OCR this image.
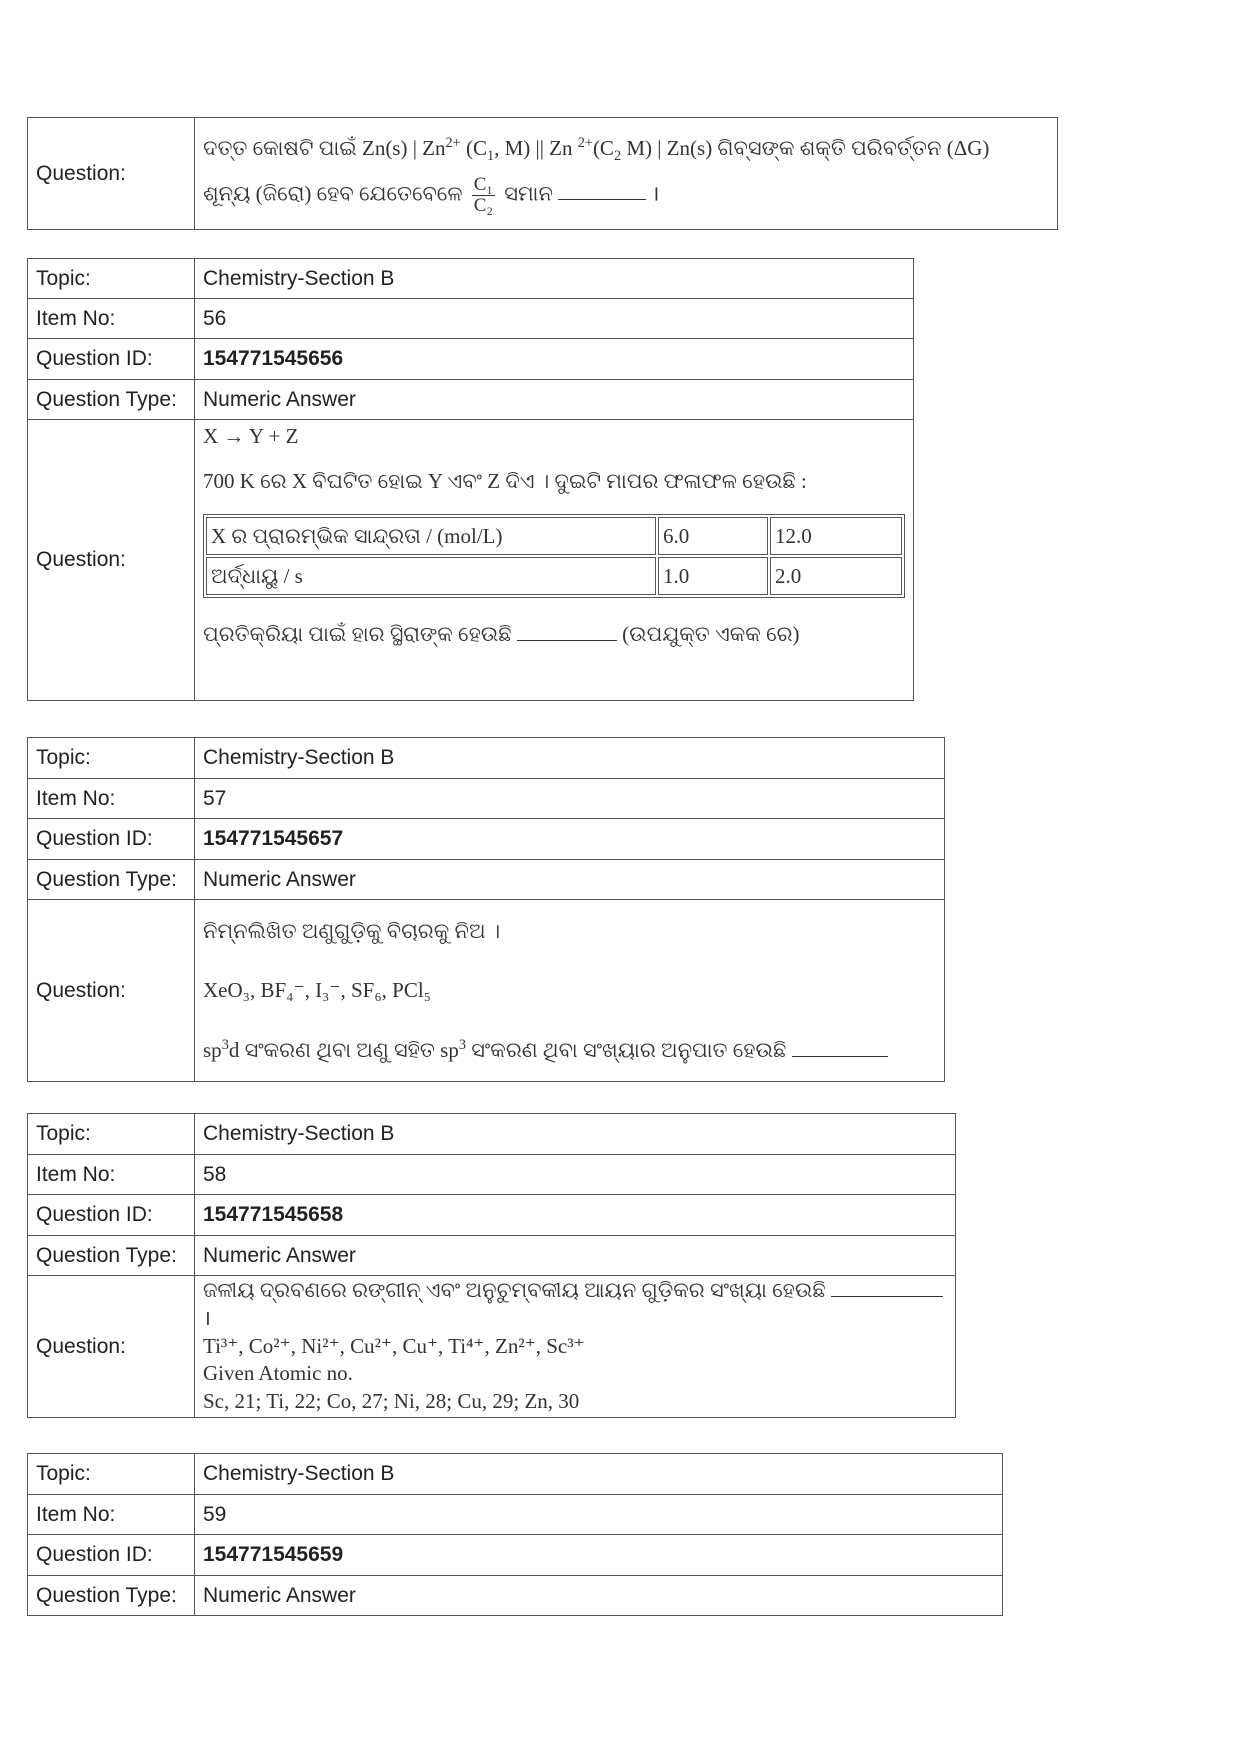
Question:	
ଦତ୍ତ କୋଷଟି ପାଇଁ Zn(s) | $Zn^{2+}$ ($C_1$, M) || Zn $^{2+}(C_2$ M) | Zn(s) ଗିବ୍ସଙ୍କ ଶକ୍ତି ପରିବର୍ତ୍ତନ (ΔG)
ଶୂନ୍ୟ (ଜିରୋ) ହେବ ଯେତେବେଳେ $\frac{\text{C₁}}{\text{C₂}}$ ସମାନ	।
Topic:	Chemistry-Section B
Item No:	56
Question ID:	154771545656
Question Type:	Numeric Answer
Question:	
X → Y + Z
700 K ରେ X ବିଘଟିତ ହୋଇ Y ଏବଂ Z ଦିଏ । ଦୁଇଟି ମାପର ଫଳାଫଳ ହେଉଛି :
X ର ପ୍ରାରମ୍ଭିକ ସାନ୍ଦ୍ରତା / (mol/L)	6.0	12.0
ଅର୍ଦ୍ଧାୟୁ / s	1.0	2.0
ପ୍ରତିକ୍ରିୟା ପାଇଁ ହାର ସ୍ଥିରାଙ୍କ ହେଉଛି	(ଉପଯୁକ୍ତ ଏକକ ରେ)
Topic:	Chemistry-Section B
Item No:	57
Question ID:	154771545657
Question Type:	Numeric Answer
Question:	ନିମ୍ନଲିଖିତ ଅଣୁଗୁଡ଼ିକୁ ବିଚାରକୁ ନିଅ ।
XeO₃, BF₄⁻, I₃⁻, SF₆, PCl₅
$sp^3d$ ସଂକରଣ ଥିବା ଅଣୁ ସହିତ $sp^3$ ସଂକରଣ ଥିବା ସଂଖ୍ୟାର ଅନୁପାତ ହେଉଛି
Topic:	Chemistry-Section B
Item No:	58
Question ID:	154771545658
Question Type:	Numeric Answer
Question:	ଜଳୀୟ ଦ୍ରବଣରେ ରଙ୍ଗୀନ୍ ଏବଂ ଅନୁଚୁମ୍ବକୀୟ ଆୟନ ଗୁଡ଼ିକର ସଂଖ୍ୟା ହେଉଛି  ।
Ti³⁺, Co²⁺, Ni²⁺, Cu²⁺, Cu⁺, Ti⁴⁺, Zn²⁺, Sc³⁺
Given Atomic no.
Sc, 21; Ti, 22; Co, 27; Ni, 28; Cu, 29; Zn, 30
Topic:	Chemistry-Section B
Item No:	59
Question ID:	154771545659
Question Type:	Numeric Answer
